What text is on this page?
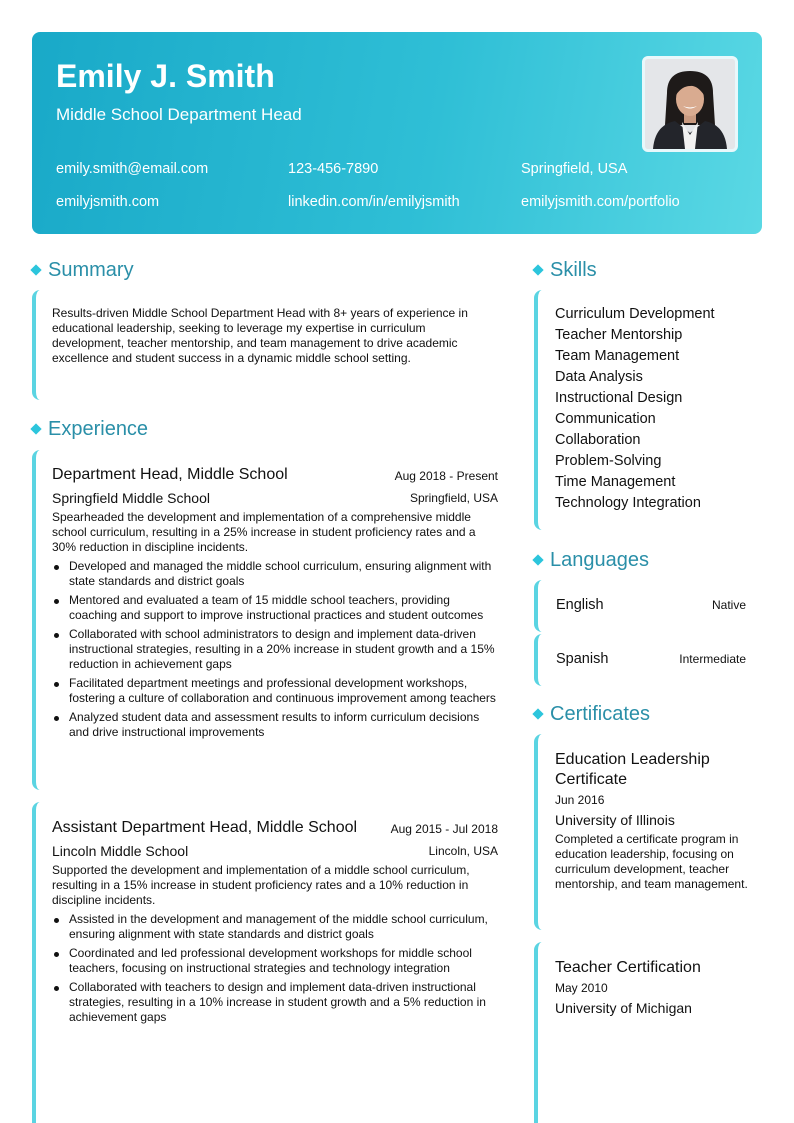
Emily J. Smith
Middle School Department Head
emily.smith@email.com	123-456-7890	Springfield, USA
emilyjsmith.com	linkedin.com/in/emilyjsmith	emilyjsmith.com/portfolio
Summary
Results-driven Middle School Department Head with 8+ years of experience in educational leadership, seeking to leverage my expertise in curriculum development, teacher mentorship, and team management to drive academic excellence and student success in a dynamic middle school setting.
Experience
Department Head, Middle School	Aug 2018 - Present
Springfield Middle School	Springfield, USA
Spearheaded the development and implementation of a comprehensive middle school curriculum, resulting in a 25% increase in student proficiency rates and a 30% reduction in discipline incidents.
Developed and managed the middle school curriculum, ensuring alignment with state standards and district goals
Mentored and evaluated a team of 15 middle school teachers, providing coaching and support to improve instructional practices and student outcomes
Collaborated with school administrators to design and implement data-driven instructional strategies, resulting in a 20% increase in student growth and a 15% reduction in achievement gaps
Facilitated department meetings and professional development workshops, fostering a culture of collaboration and continuous improvement among teachers
Analyzed student data and assessment results to inform curriculum decisions and drive instructional improvements
Assistant Department Head, Middle School	Aug 2015 - Jul 2018
Lincoln Middle School	Lincoln, USA
Supported the development and implementation of a middle school curriculum, resulting in a 15% increase in student proficiency rates and a 10% reduction in discipline incidents.
Assisted in the development and management of the middle school curriculum, ensuring alignment with state standards and district goals
Coordinated and led professional development workshops for middle school teachers, focusing on instructional strategies and technology integration
Collaborated with teachers to design and implement data-driven instructional strategies, resulting in a 10% increase in student growth and a 5% reduction in achievement gaps
Skills
Curriculum Development
Teacher Mentorship
Team Management
Data Analysis
Instructional Design
Communication
Collaboration
Problem-Solving
Time Management
Technology Integration
Languages
English	Native
Spanish	Intermediate
Certificates
Education Leadership Certificate
Jun 2016
University of Illinois
Completed a certificate program in education leadership, focusing on curriculum development, teacher mentorship, and team management.
Teacher Certification
May 2010
University of Michigan
